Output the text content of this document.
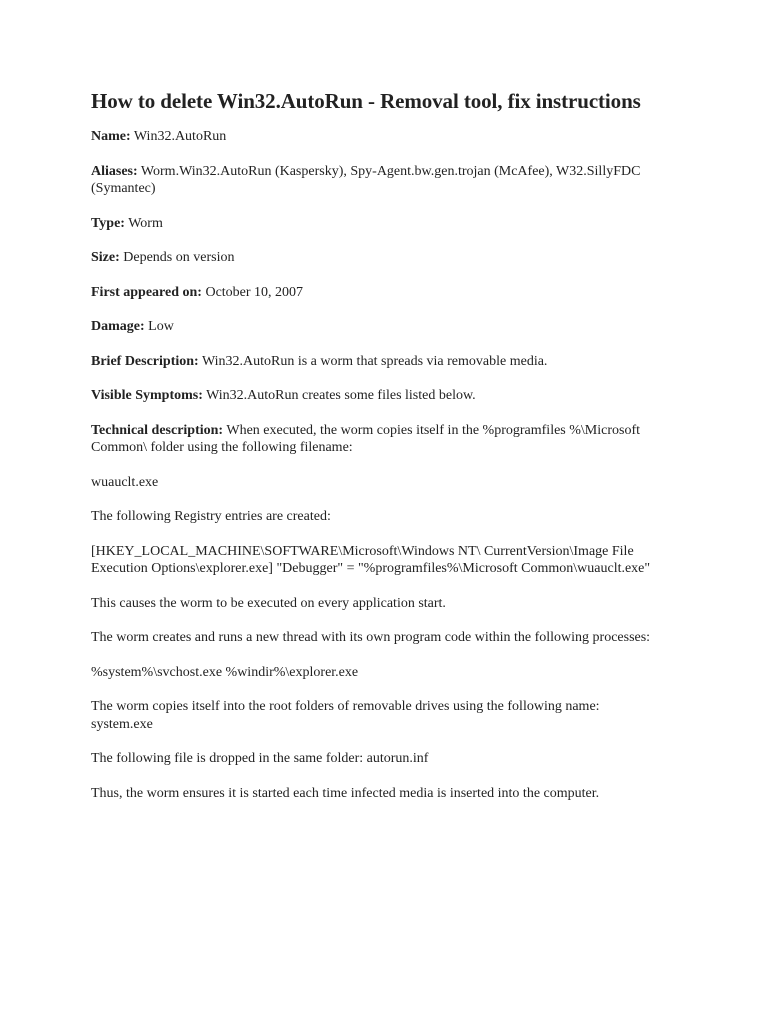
How to delete Win32.AutoRun - Removal tool, fix instructions

Name: Win32.AutoRun

Aliases: Worm.Win32.AutoRun (Kaspersky), Spy-Agent.bw.gen.trojan (McAfee), W32.SillyFDC (Symantec)

Type: Worm

Size: Depends on version

First appeared on: October 10, 2007

Damage: Low

Brief Description: Win32.AutoRun is a worm that spreads via removable media.

Visible Symptoms: Win32.AutoRun creates some files listed below.

Technical description: When executed, the worm copies itself in the %programfiles %\Microsoft Common\ folder using the following filename:

wuauclt.exe

The following Registry entries are created:

[HKEY_LOCAL_MACHINE\SOFTWARE\Microsoft\Windows NT\ CurrentVersion\Image File Execution Options\explorer.exe] "Debugger" = "%programfiles%\Microsoft Common\wuauclt.exe"

This causes the worm to be executed on every application start.

The worm creates and runs a new thread with its own program code within the following processes:

%system%\svchost.exe %windir%\explorer.exe

The worm copies itself into the root folders of removable drives using the following name: system.exe

The following file is dropped in the same folder: autorun.inf

Thus, the worm ensures it is started each time infected media is inserted into the computer.
